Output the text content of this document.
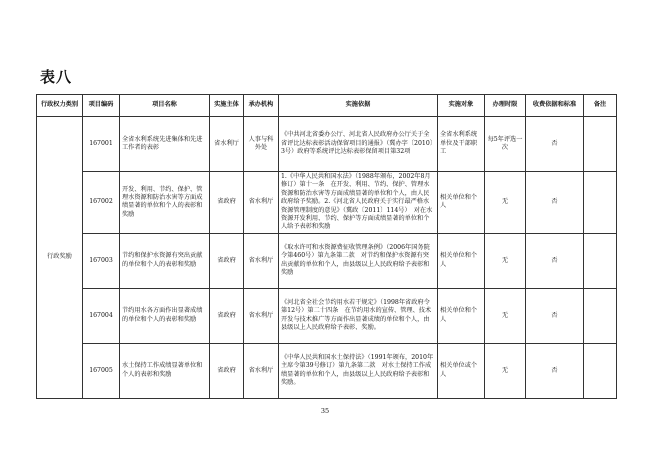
表八
行政权力类别	项目编码	项目名称	实施主体	承办机构	实施依据	实施对象	办理时限	收费依据和标准	备注
行政奖励	167001	全省水利系统先进集体和先进工作者的表彰	省水利厅	人事与科外处	《中共河北省委办公厅、河北省人民政府办公厅关于全省评比达标表彰活动保留项目的通报》（冀办字〔2010〕3号）政府等系统评比达标表彰保留项目第32项	全省水利系统单位及干部职工	每5年评选一次	否	
	167002	开发、利用、节约、保护、管理水资源和防治水害等方面成绩显著的单位和个人的表彰和奖励	省政府	省水利厅	1.《中华人民共和国水法》（1988年颁布，2002年8月修订）第十一条　在开发、利用、节约、保护、管理水资源和防治水害等方面成绩显著的单位和个人，由人民政府给予奖励。2.《河北省人民政府关于实行最严格水资源管理制度的意见》（冀政〔2011〕114号）　对在水资源开发利用、节约、保护等方面成绩显著的单位和个人给予表彰和奖励	相关单位和个人	无	否	
	167003	节约和保护水资源有突出贡献的单位和个人的表彰和奖励	省政府	省水利厅	《取水许可和水资源费征收管理条例》（2006年国务院令第460号）第九条第二款　对节约和保护水资源有突出贡献的单位和个人，由县级以上人民政府给予表彰和奖励	相关单位和个人	无	否	
	167004	节约用水各方面作出显著成绩的单位和个人的表彰和奖励	省政府	省水利厅	《河北省全社会节约用水若干规定》（1998年省政府令第12号）第二十四条　在节约用水的宣传、管理、技术开发与技术推广等方面作出显著成绩的单位和个人，由县级以上人民政府给予表彰、奖励。	相关单位和个人	无	否	
	167005	水土保持工作成绩显著单位和个人的表彰和奖励	省政府	省水利厅	《中华人民共和国水土保持法》（1991年颁布，2010年主席令第39号修订）第九条第二款　对水土保持工作成绩显著的单位和个人，由县级以上人民政府给予表彰和奖励。	相关单位或个人	无	否	
35
